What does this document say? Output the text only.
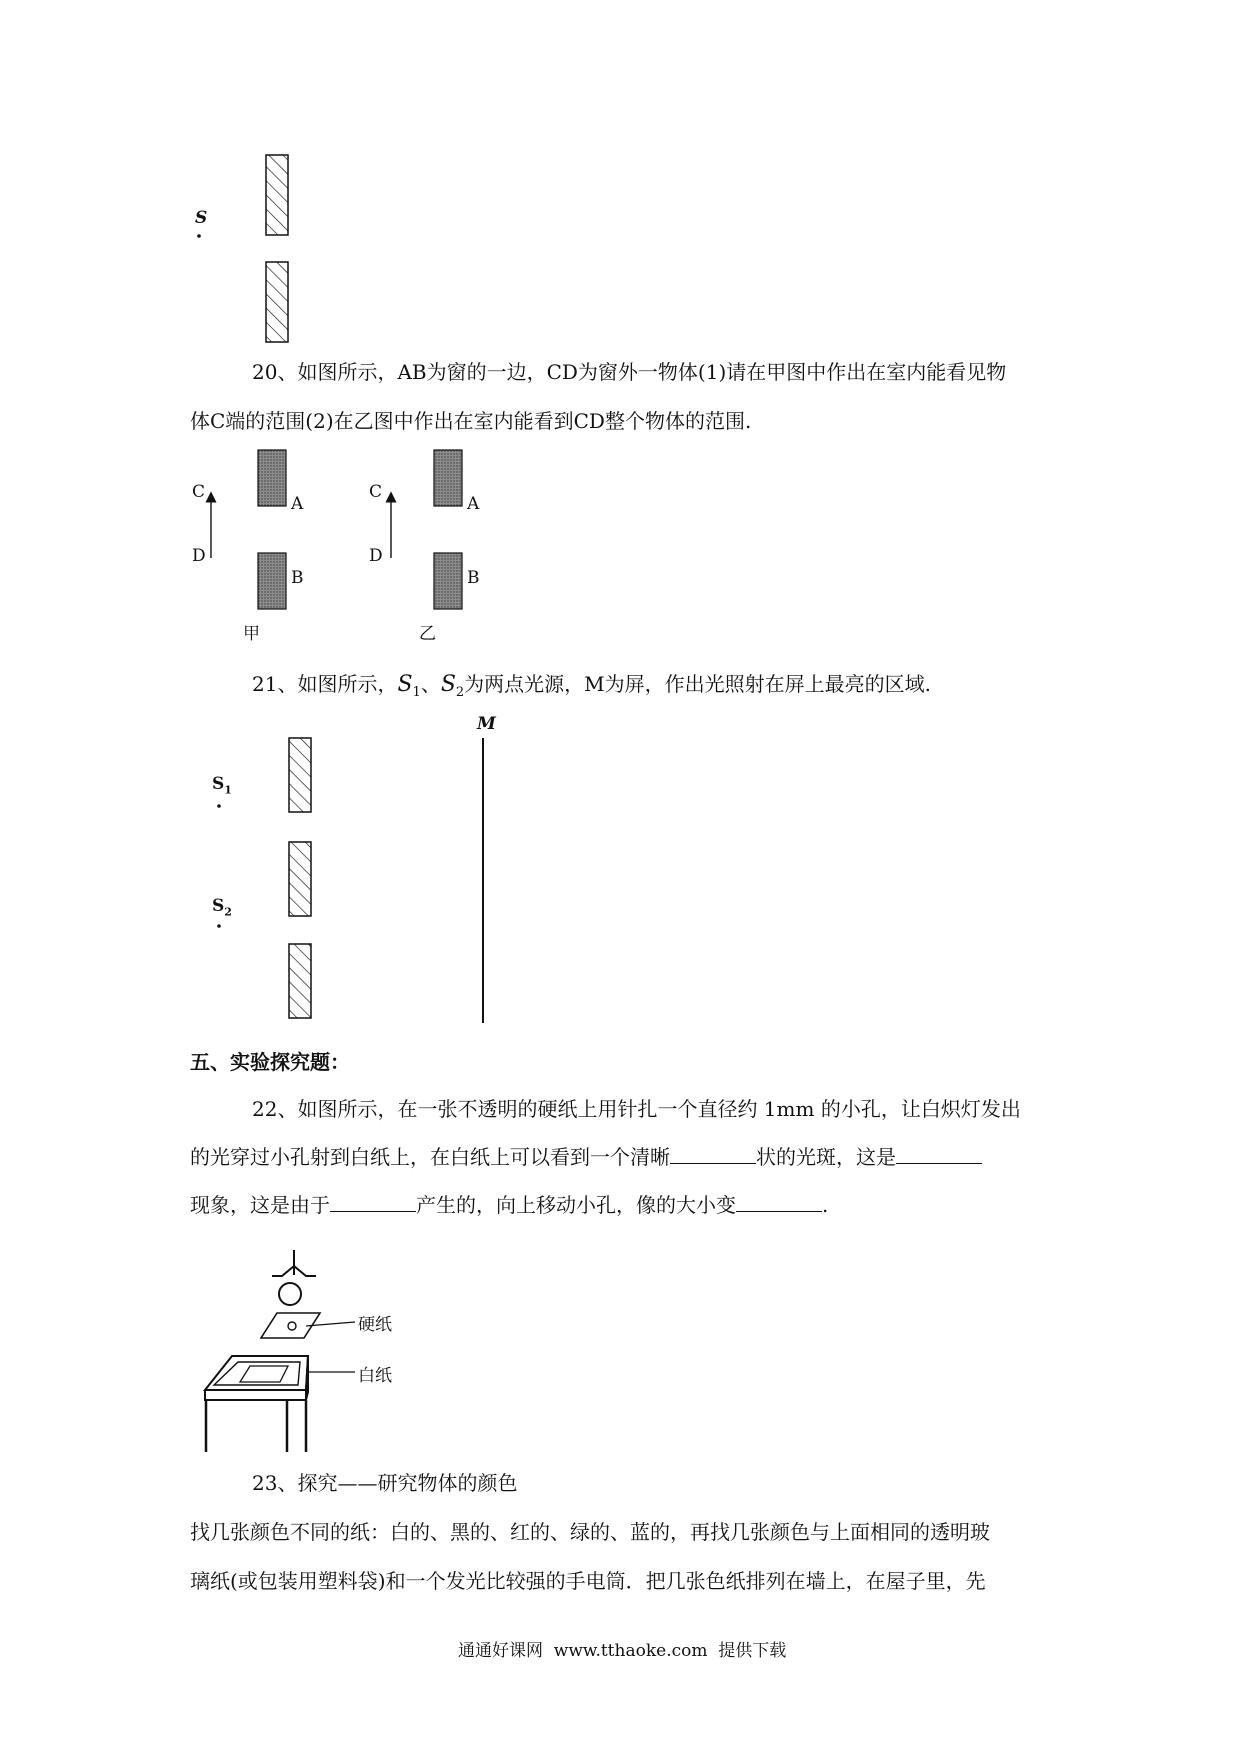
S
20、如图所示，AB为窗的一边，CD为窗外一物体(1)请在甲图中作出在室内能看见物
体C端的范围(2)在乙图中作出在室内能看到CD整个物体的范围.
C
D
A
B
甲
C
D
A
B
乙
21、如图所示，$S_1$、$S_2$为两点光源，M为屏，作出光照射在屏上最亮的区域.
M
$S_1$
$S_2$
五、实验探究题：
22、如图所示，在一张不透明的硬纸上用针扎一个直径约 1mm 的小孔，让白炽灯发出
的光穿过小孔射到白纸上，在白纸上可以看到一个清晰	状的光斑，这是
现象，这是由于	产生的，向上移动小孔，像的大小变	.
硬纸
白纸
23、探究——研究物体的颜色
找几张颜色不同的纸：白的、黑的、红的、绿的、蓝的，再找几张颜色与上面相同的透明玻
璃纸(或包装用塑料袋)和一个发光比较强的手电筒．把几张色纸排列在墙上，在屋子里，先
通通好课网  www.tthaoke.com  提供下载
